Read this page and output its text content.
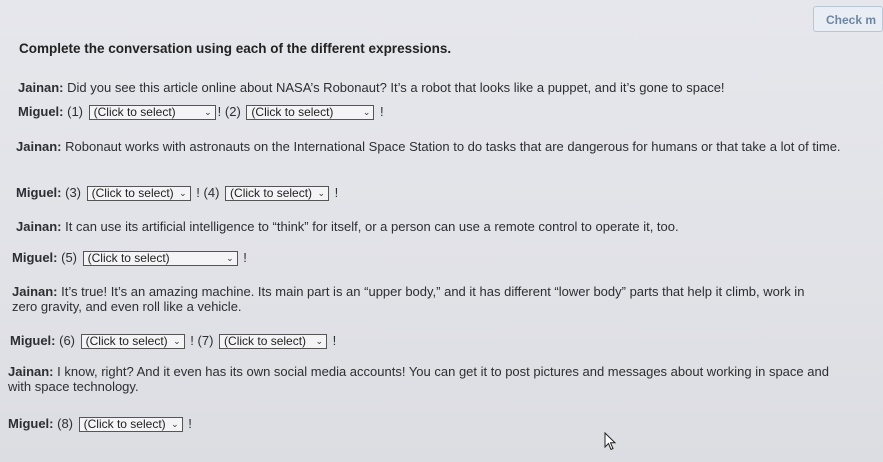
Check m
Complete the conversation using each of the different expressions.
Jainan: Did you see this article online about NASA’s Robonaut? It’s a robot that looks like a puppet, and it’s gone to space!
Miguel: (1) (Click to select)	⌄ ! (2) (Click to select)	⌄ !
Jainan: Robonaut works with astronauts on the International Space Station to do tasks that are dangerous for humans or that take a lot of time.
Miguel: (3) (Click to select) ⌄ ! (4) (Click to select) ⌄ !
Jainan: It can use its artificial intelligence to “think” for itself, or a person can use a remote control to operate it, too.
Miguel: (5) (Click to select)	⌄ !
Jainan: It’s true! It’s an amazing machine. Its main part is an “upper body,” and it has different “lower body” parts that help it climb, work in zero gravity, and even roll like a vehicle.
Miguel: (6) (Click to select) ⌄ ! (7) (Click to select) ⌄ !
Jainan: I know, right? And it even has its own social media accounts! You can get it to post pictures and messages about working in space and with space technology.
Miguel: (8) (Click to select) ⌄ !
